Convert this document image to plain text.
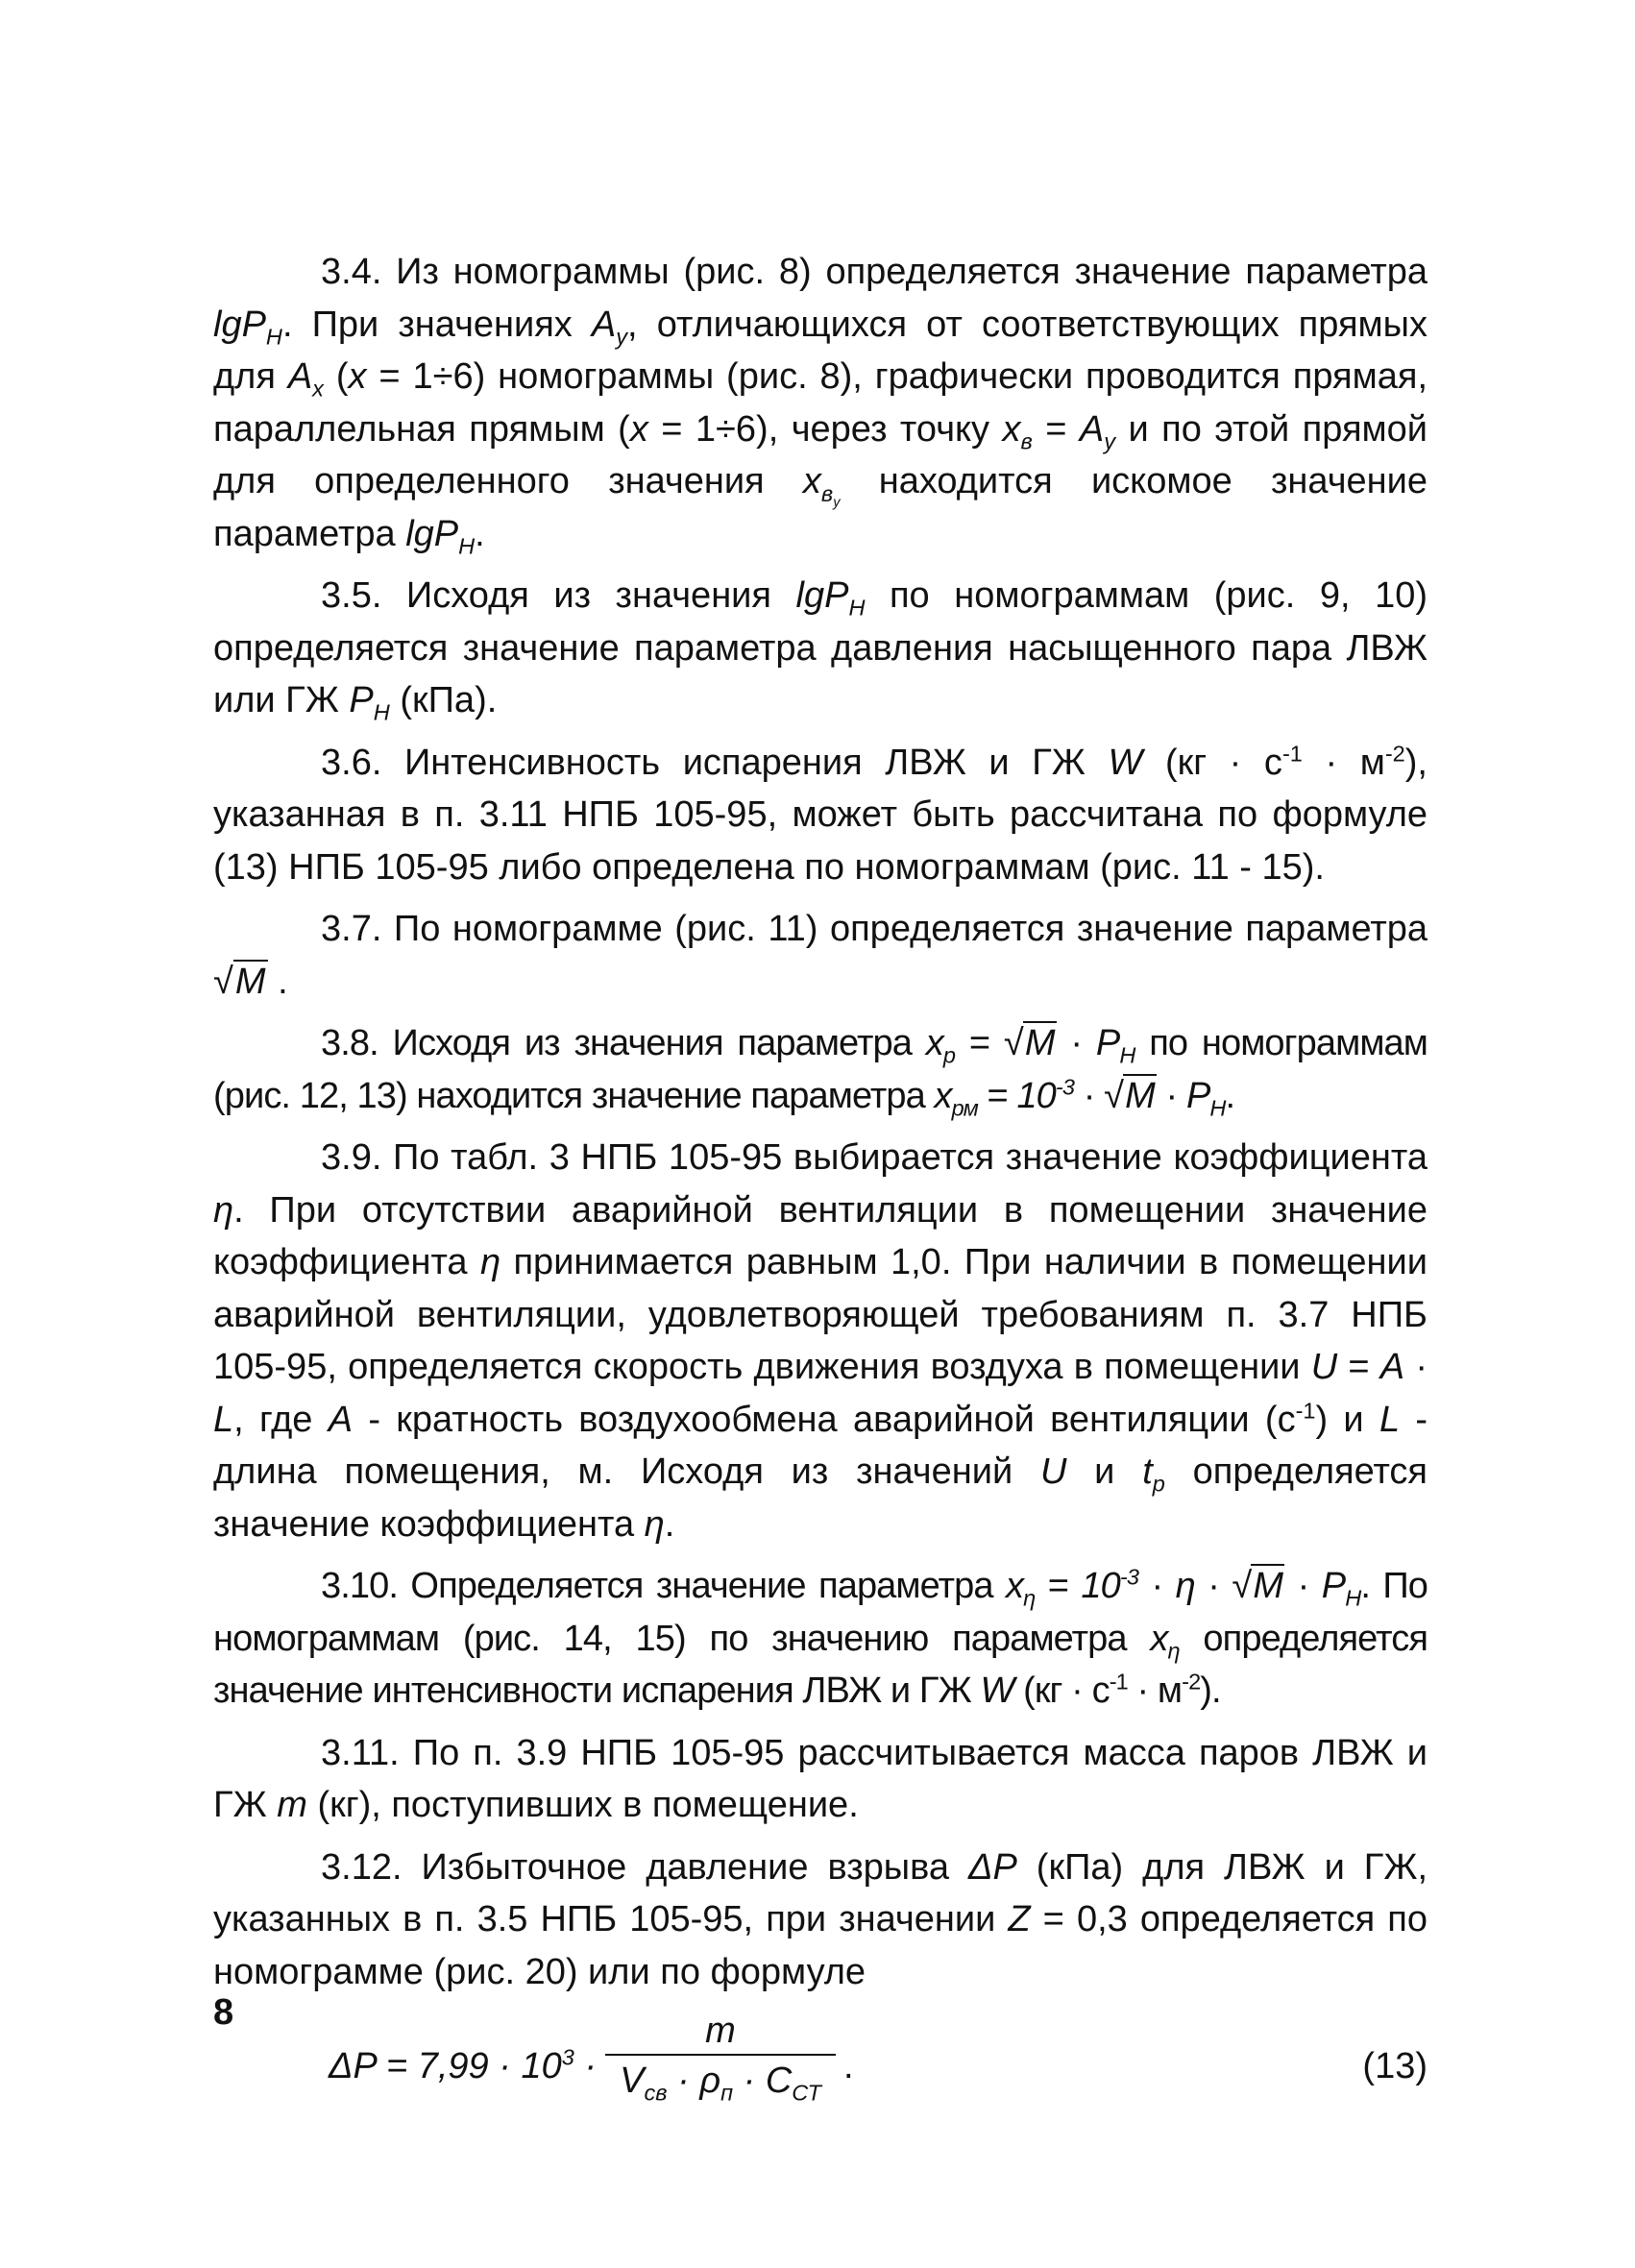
3.4. Из номограммы (рис. 8) определяется значение параметра lgP$_H$. При значениях $A_y$, отличающихся от соответствующих прямых для $A_x$ (x = 1÷6) номограммы (рис. 8), графически проводится прямая, параллельная прямым (x = 1÷6), через точку $x_в = A_y$ и по этой прямой для определенного значения $x_{в_y}$ находится искомое значение параметра lgP$_H$.

3.5. Исходя из значения lgP$_H$ по номограммам (рис. 9, 10) определяется значение параметра давления насыщенного пара ЛВЖ или ГЖ $P_H$ (кПа).

3.6. Интенсивность испарения ЛВЖ и ГЖ W $(кг \cdot с^{-1} \cdot м^{-2})$, указанная в п. 3.11 НПБ 105-95, может быть рассчитана по формуле (13) НПБ 105-95 либо определена по номограммам (рис. 11 - 15).

3.7. По номограмме (рис. 11) определяется значение параметра √M .

3.8. Исходя из значения параметра $x_p = √M \cdot P_H$ по номограммам (рис. 12, 13) находится значение параметра $x_{рм} = 10^{-3} \cdot √M \cdot P_H$.

3.9. По табл. 3 НПБ 105-95 выбирается значение коэффициента η. При отсутствии аварийной вентиляции в помещении значение коэффициента η принимается равным 1,0. При наличии в помещении аварийной вентиляции, удовлетворяющей требованиям п. 3.7 НПБ 105-95, определяется скорость движения воздуха в помещении U = A · L, где A - кратность воздухообмена аварийной вентиляции $(с^{-1})$ и L - длина помещения, м. Исходя из значений U и $t_p$ определяется значение коэффициента η.

3.10. Определяется значение параметра $x_\eta = 10^{-3} \cdot \eta \cdot √M \cdot P_H$. По номограммам (рис. 14, 15) по значению параметра $x_\eta$ определяется значение интенсивности испарения ЛВЖ и ГЖ W $(кг \cdot с^{-1} \cdot м^{-2})$.

3.11. По п. 3.9 НПБ 105-95 рассчитывается масса паров ЛВЖ и ГЖ m (кг), поступивших в помещение.

3.12. Избыточное давление взрыва ΔP (кПа) для ЛВЖ и ГЖ, указанных в п. 3.5 НПБ 105-95, при значении Z = 0,3 определяется по номограмме (рис. 20) или по формуле

$\Delta P = 7,99 \cdot 10^3$ ·
m
$V_{св} \cdot \rho_п \cdot C_{СТ}$
.	(13)
8
